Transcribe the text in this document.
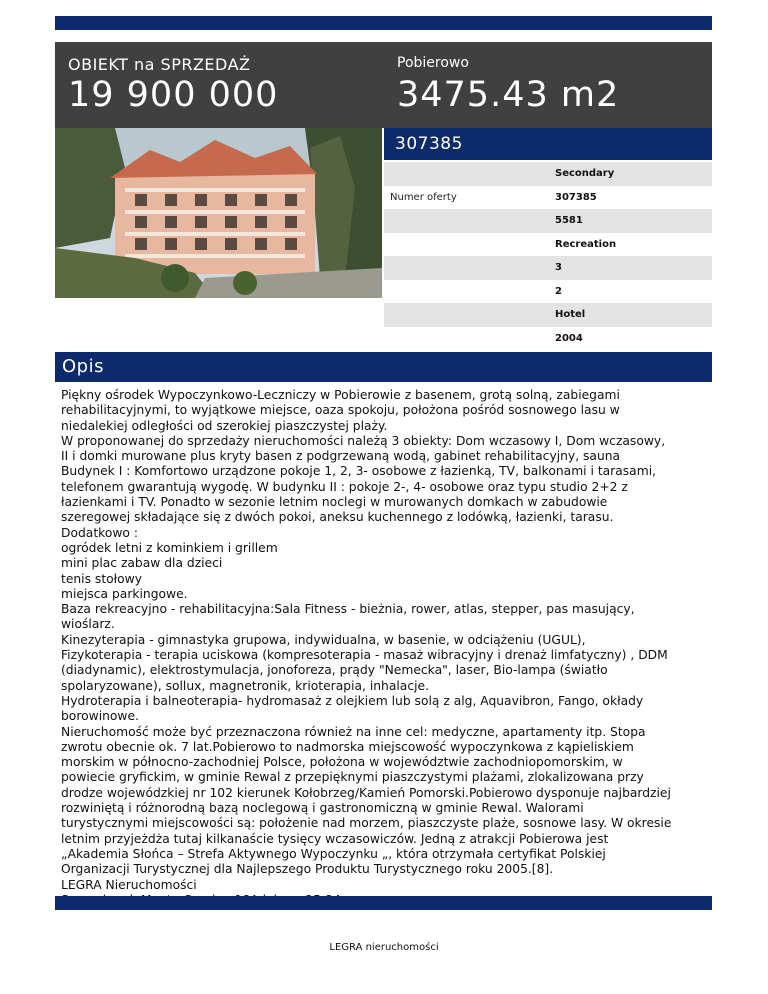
OBIEKT na SPRZEDAŻ
19 900 000
Pobierowo
3475.43 m2
307385
Secondary
Numer oferty	307385
5581
Recreation
3
2
Hotel
2004
Opis
Piękny ośrodek Wypoczynkowo-Leczniczy w Pobierowie z basenem, grotą solną, zabiegami
rehabilitacyjnymi, to wyjątkowe miejsce, oaza spokoju, położona pośród sosnowego lasu w
niedalekiej odległości od szerokiej piaszczystej plaży.
W proponowanej do sprzedaży nieruchomości należą 3 obiekty: Dom wczasowy I, Dom wczasowy,
II i domki murowane plus kryty basen z podgrzewaną wodą, gabinet rehabilitacyjny, sauna
Budynek I : Komfortowo urządzone pokoje 1, 2, 3- osobowe z łazienką, TV, balkonami i tarasami,
telefonem gwarantują wygodę. W budynku II : pokoje 2-, 4- osobowe oraz typu studio 2+2 z
łazienkami i TV. Ponadto w sezonie letnim noclegi w murowanych domkach w zabudowie
szeregowej składające się z dwóch pokoi, aneksu kuchennego z lodówką, łazienki, tarasu.
Dodatkowo :
ogródek letni z kominkiem i grillem
mini plac zabaw dla dzieci
tenis stołowy
miejsca parkingowe.
Baza rekreacyjno - rehabilitacyjna:Sala Fitness - bieżnia, rower, atlas, stepper, pas masujący,
wioślarz.
Kinezyterapia - gimnastyka grupowa, indywidualna, w basenie, w odciążeniu (UGUL),
Fizykoterapia - terapia uciskowa (kompresoterapia - masaż wibracyjny i drenaż limfatyczny) , DDM
(diadynamic), elektrostymulacja, jonoforeza, prądy "Nemecka", laser, Bio-lampa (światło
spolaryzowane), sollux, magnetronik, krioterapia, inhalacje.
Hydroterapia i balneoterapia- hydromasaż z olejkiem lub solą z alg, Aquavibron, Fango, okłady
borowinowe.
Nieruchomość może być przeznaczona również na inne cel: medyczne, apartamenty itp. Stopa
zwrotu obecnie ok. 7 lat.Pobierowo to nadmorska miejscowość wypoczynkowa z kąpieliskiem
morskim w północno-zachodniej Polsce, położona w województwie zachodniopomorskim, w
powiecie gryfickim, w gminie Rewal z przepięknymi piaszczystymi plażami, zlokalizowana przy
drodze wojewódzkiej nr 102 kierunek Kołobrzeg/Kamień Pomorski.Pobierowo dysponuje najbardziej
rozwiniętą i różnorodną bazą noclegową i gastronomiczną w gminie Rewal. Walorami
turystycznymi miejscowości są: położenie nad morzem, piaszczyste plaże, sosnowe lasy. W okresie
letnim przyjeżdża tutaj kilkanaście tysięcy wczasowiczów. Jedną z atrakcji Pobierowa jest
„Akademia Słońca – Strefa Aktywnego Wypoczynku „, która otrzymała certyfikat Polskiej
Organizacji Turystycznej dla Najlepszego Produktu Turystycznego roku 2005.[8].
LEGRA Nieruchomości
LEGRA nieruchomości
